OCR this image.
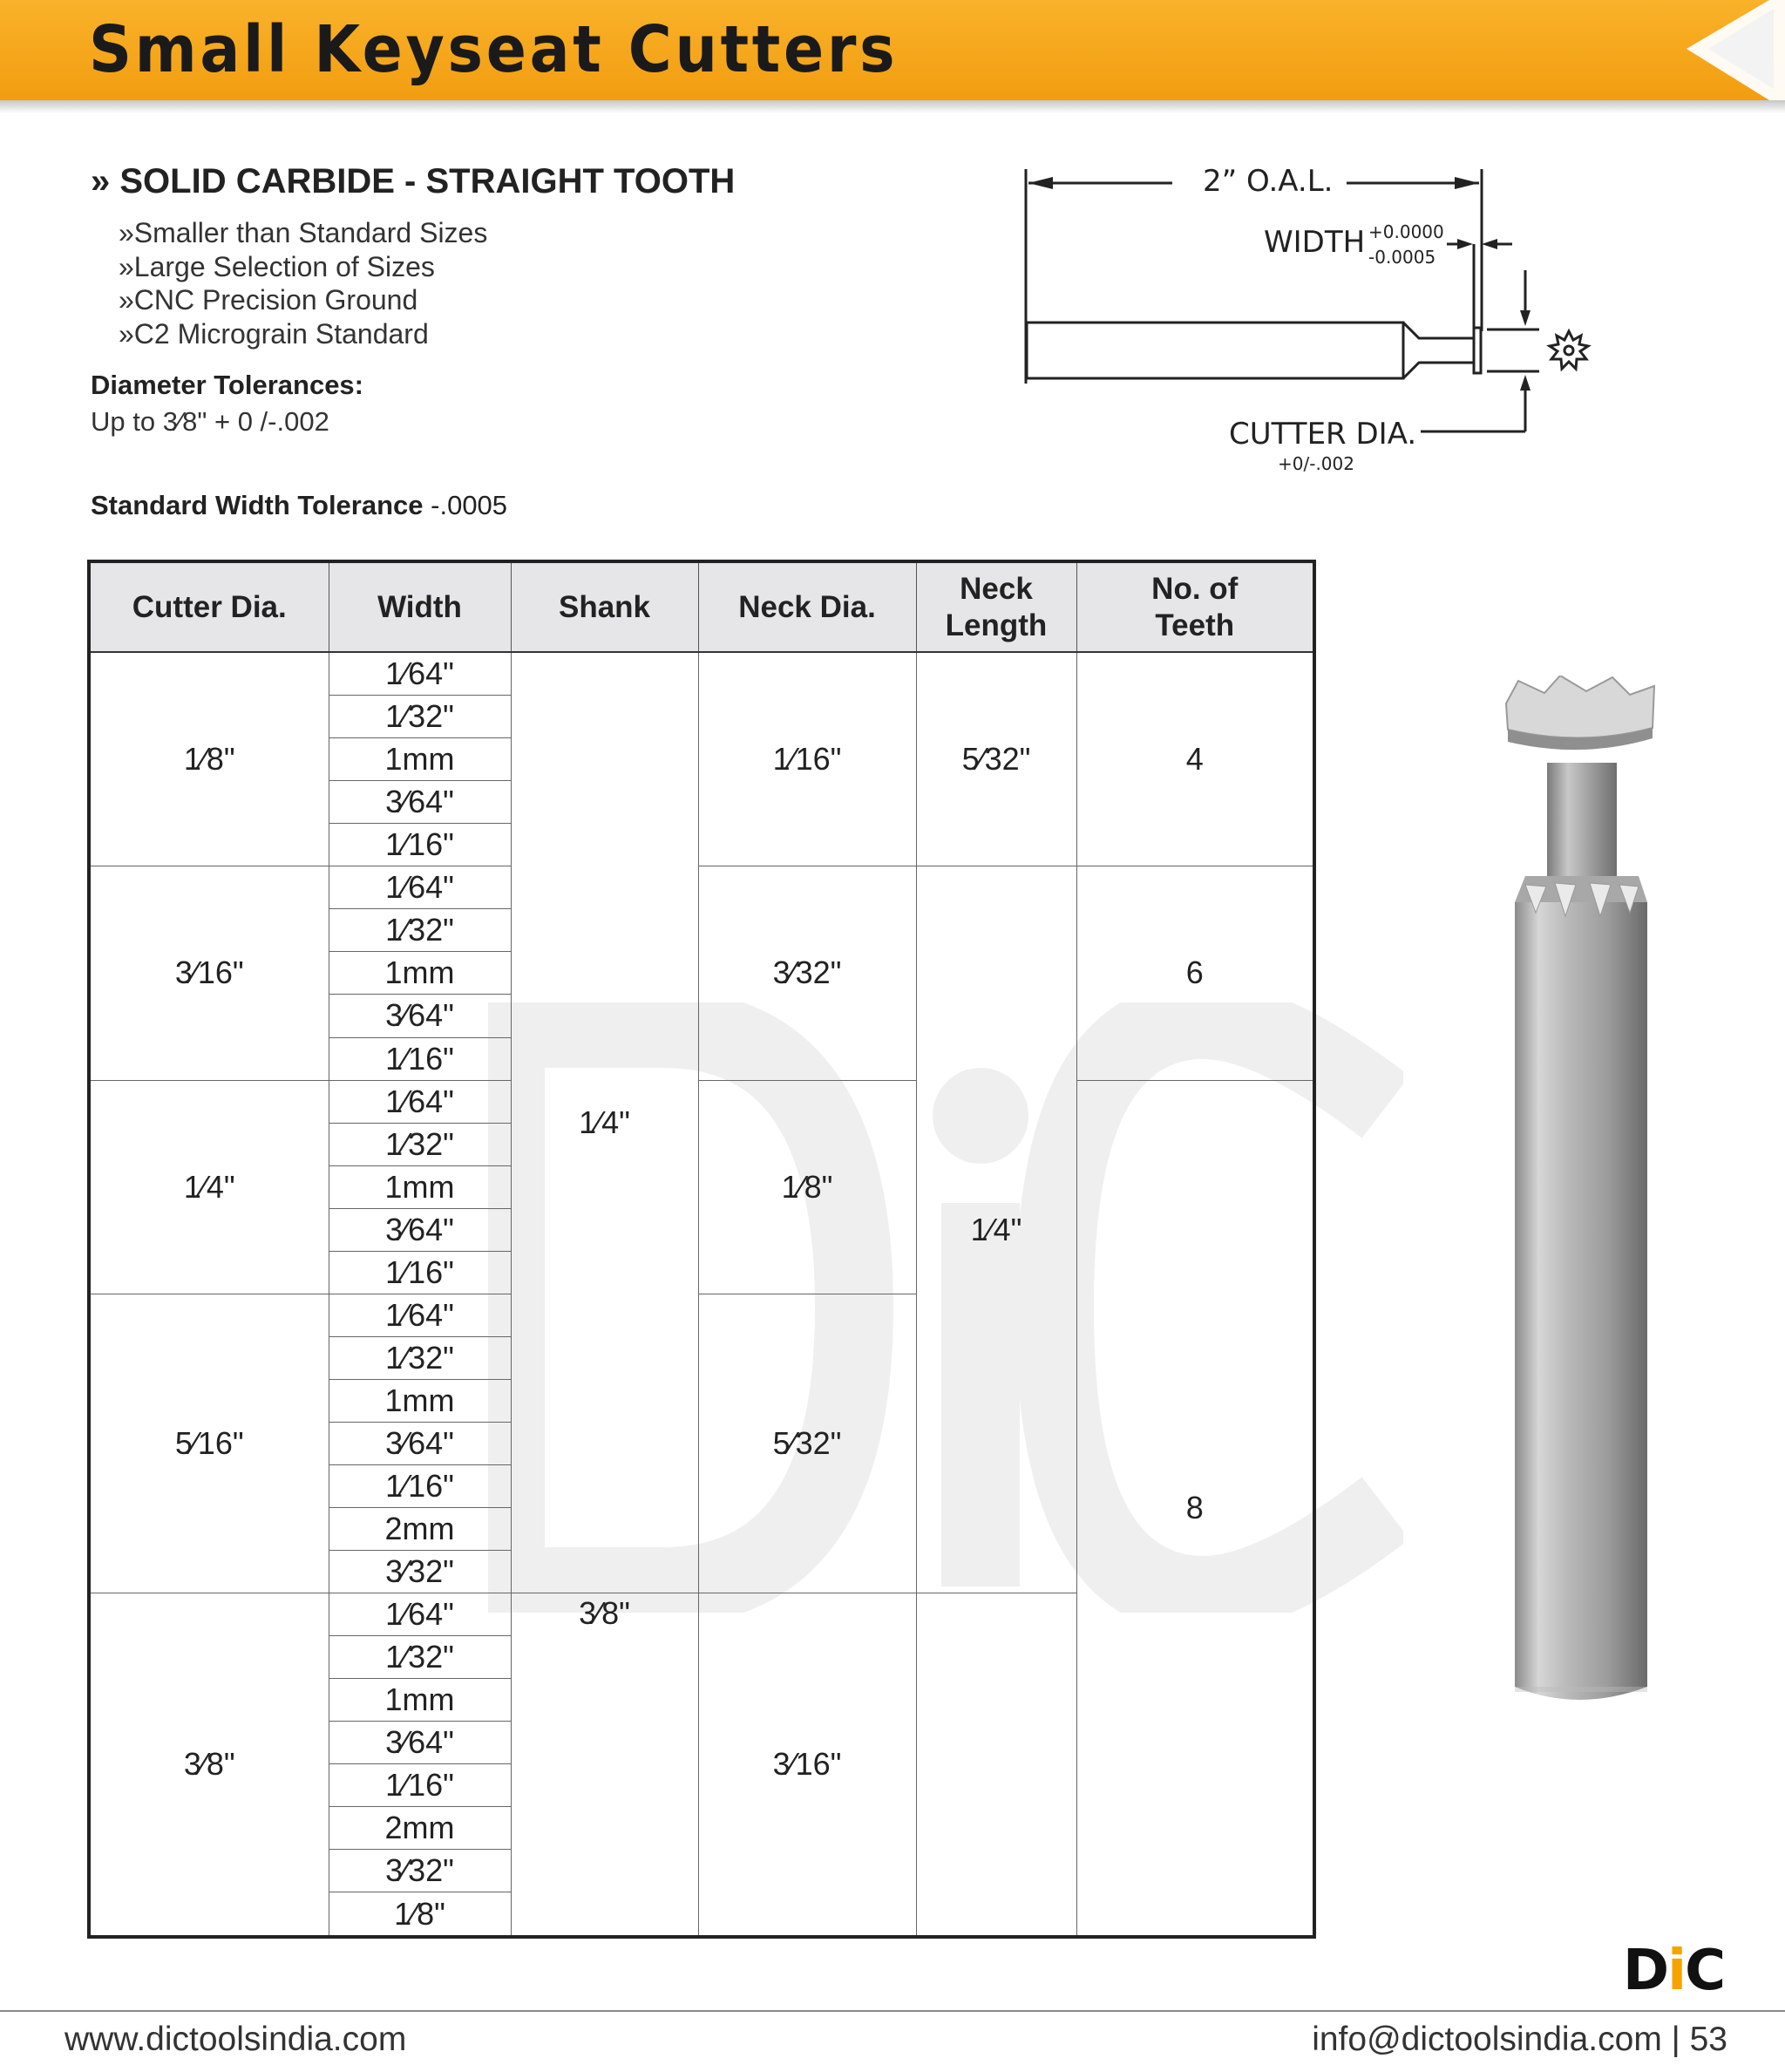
Small Keyseat Cutters
» SOLID CARBIDE - STRAIGHT TOOTH
» Smaller than Standard Sizes
» Large Selection of Sizes
» CNC Precision Ground
» C2 Micrograin Standard
Diameter Tolerances:
Up to 3⁄8" + 0 /-.002
Standard Width Tolerance -.0005
2” O.A.L.
WIDTH +0.0000
-0.0005
CUTTER DIA.
+0/-.002
Cutter Dia.	Width	Shank	Neck Dia.	Neck Length	No. of Teeth
1⁄8"	1⁄64"	1⁄4"	1⁄16"	5⁄32"	4
	1⁄32"				
	1mm				
	3⁄64"				
	1⁄16"				
3⁄16"	1⁄64"		3⁄32"	1⁄4"	6
	1⁄32"				
	1mm				
	3⁄64"				
	1⁄16"				
1⁄4"	1⁄64"		1⁄8"		8
	1⁄32"				
	1mm				
	3⁄64"				
	1⁄16"				
5⁄16"	1⁄64"		5⁄32"		
	1⁄32"				
	1mm				
	3⁄64"				
	1⁄16"				
	2mm				
	3⁄32"				
3⁄8"	1⁄64"	3⁄8"	3⁄16"		
	1⁄32"				
	1mm				
	3⁄64"				
	1⁄16"				
	2mm				
	3⁄32"				
	1⁄8"				
DiC
www.dictoolsindia.com	info@dictoolsindia.com | 53
